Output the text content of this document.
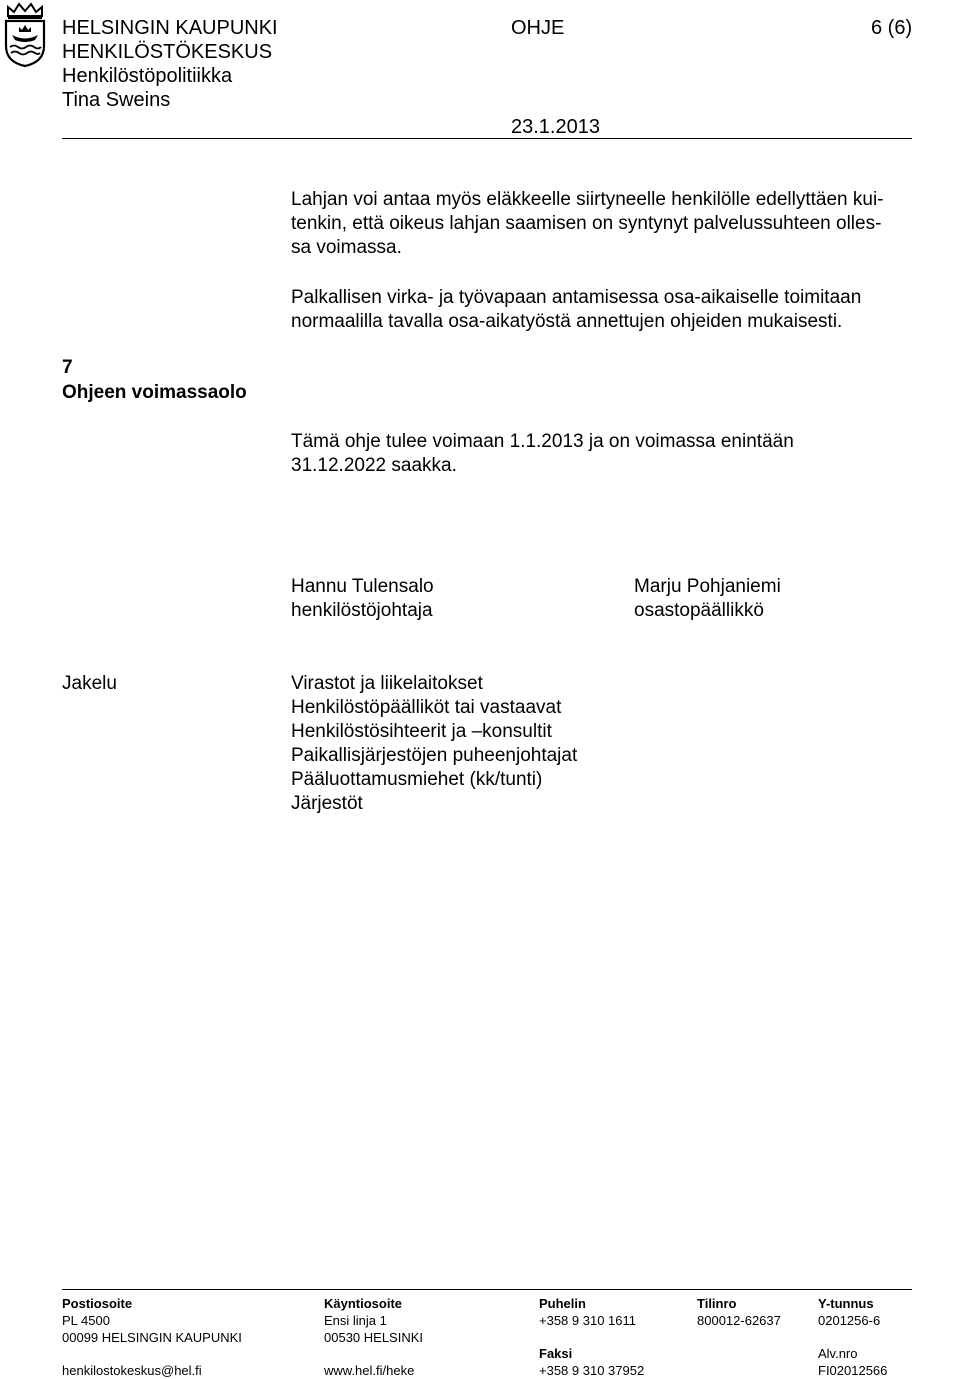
HELSINGIN KAUPUNKI
HENKILÖSTÖKESKUS
Henkilöstöpolitiikka
Tina Sweins
OHJE	6 (6)
23.1.2013
Lahjan voi antaa myös eläkkeelle siirtyneelle henkilölle edellyttäen kui-
tenkin, että oikeus lahjan saamisen on syntynyt palvelussuhteen olles-
sa voimassa.
Palkallisen virka- ja työvapaan antamisessa osa-aikaiselle toimitaan
normaalilla tavalla osa-aikatyöstä annettujen ohjeiden mukaisesti.
7
Ohjeen voimassaolo
Tämä ohje tulee voimaan 1.1.2013 ja on voimassa enintään
31.12.2022 saakka.
Hannu Tulensalo
henkilöstöjohtaja
Marju Pohjaniemi
osastopäällikkö
Jakelu	Virastot ja liikelaitokset
Henkilöstöpäälliköt tai vastaavat
Henkilöstösihteerit ja –konsultit
Paikallisjärjestöjen puheenjohtajat
Pääluottamusmiehet (kk/tunti)
Järjestöt
Postiosoite
PL 4500
00099 HELSINGIN KAUPUNKI
henkilostokeskus@hel.fi
Käyntiosoite
Ensi linja 1
00530 HELSINKI
www.hel.fi/heke
Puhelin
+358 9 310 1611
Faksi
+358 9 310 37952
Tilinro
800012-62637
Y-tunnus
0201256-6
Alv.nro
FI02012566
